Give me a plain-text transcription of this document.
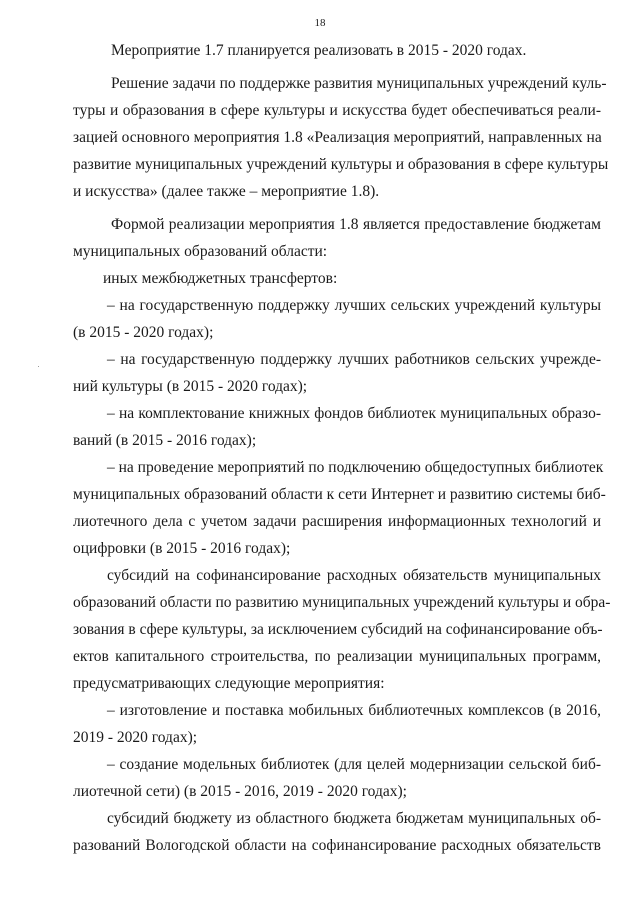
18
Мероприятие 1.7 планируется реализовать в 2015 - 2020 годах.
Решение задачи по поддержке развития муниципальных учреждений куль-
туры и образования в сфере культуры и искусства будет обеспечиваться реали-
зацией основного мероприятия 1.8 «Реализация мероприятий, направленных на
развитие муниципальных учреждений культуры и образования в сфере культуры
и искусства» (далее также – мероприятие 1.8).
Формой реализации мероприятия 1.8 является предоставление бюджетам
муниципальных образований области:
иных межбюджетных трансфертов:
– на государственную поддержку лучших сельских учреждений культуры
(в 2015 - 2020 годах);
– на государственную поддержку лучших работников сельских учрежде-
ний культуры (в 2015 - 2020 годах);
– на комплектование книжных фондов библиотек муниципальных образо-
ваний (в 2015 - 2016 годах);
– на проведение мероприятий по подключению общедоступных библиотек
муниципальных образований области к сети Интернет и развитию системы биб-
лиотечного дела с учетом задачи расширения информационных технологий и
оцифровки (в 2015 - 2016 годах);
субсидий на софинансирование расходных обязательств муниципальных
образований области по развитию муниципальных учреждений культуры и обра-
зования в сфере культуры, за исключением субсидий на софинансирование объ-
ектов капитального строительства, по реализации муниципальных программ,
предусматривающих следующие мероприятия:
– изготовление и поставка мобильных библиотечных комплексов (в 2016,
2019 - 2020 годах);
– создание модельных библиотек (для целей модернизации сельской биб-
лиотечной сети) (в 2015 - 2016, 2019 - 2020 годах);
субсидий бюджету из областного бюджета бюджетам муниципальных об-
разований Вологодской области на софинансирование расходных обязательств
